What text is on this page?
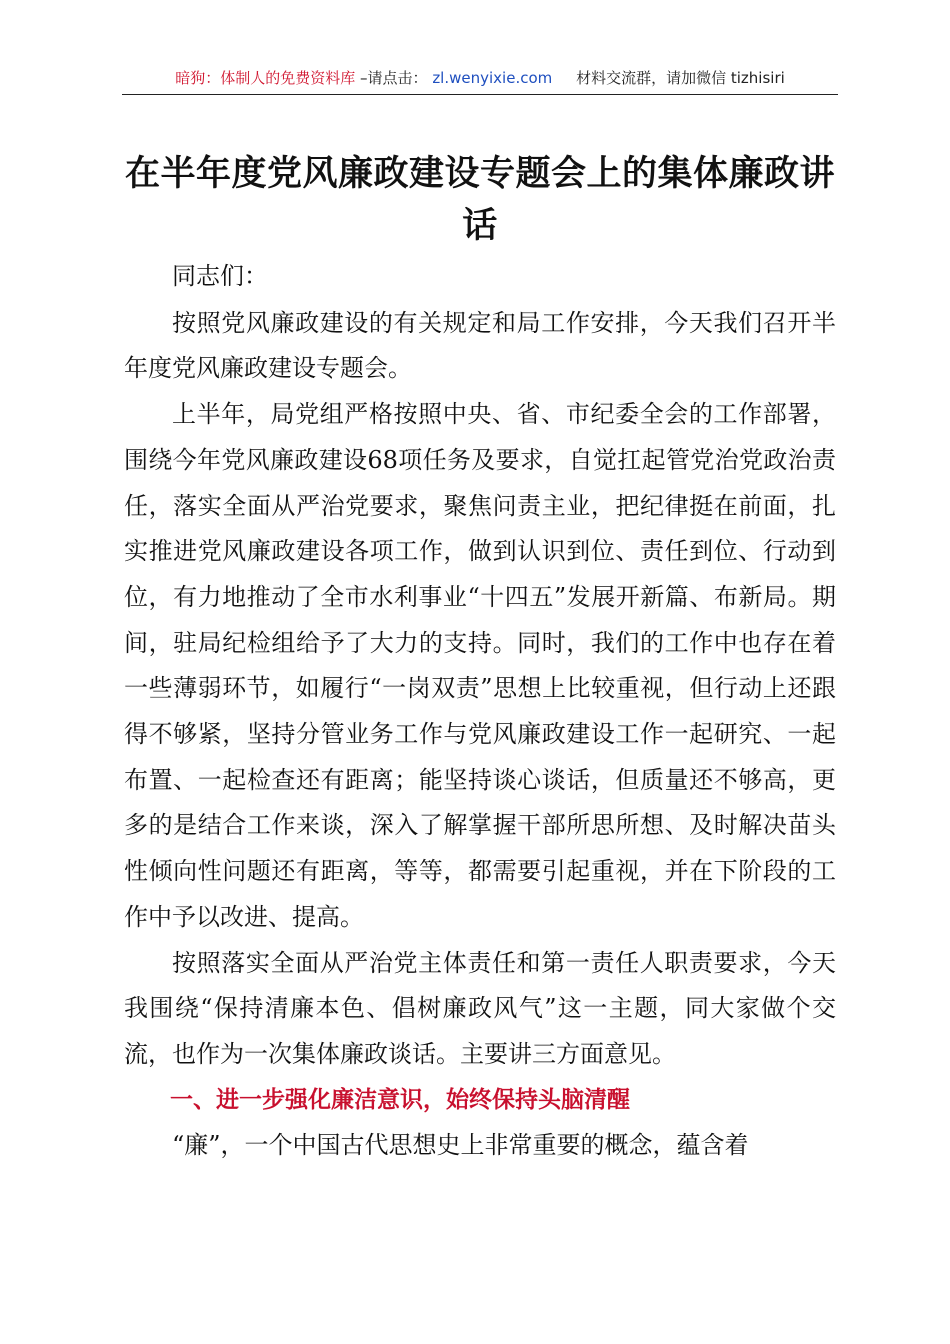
暗狗：体制人的免费资料库 –请点击： zl.wenyixie.com 材料交流群，请加微信 tizhisiri
在半年度党风廉政建设专题会上的集体廉政讲话

同志们：

按照党风廉政建设的有关规定和局工作安排，今天我们召开半年度党风廉政建设专题会。

上半年，局党组严格按照中央、省、市纪委全会的工作部署，围绕今年党风廉政建设68项任务及要求，自觉扛起管党治党政治责任，落实全面从严治党要求，聚焦问责主业，把纪律挺在前面，扎实推进党风廉政建设各项工作，做到认识到位、责任到位、行动到位，有力地推动了全市水利事业“十四五”发展开新篇、布新局。期间，驻局纪检组给予了大力的支持。同时，我们的工作中也存在着一些薄弱环节，如履行“一岗双责”思想上比较重视，但行动上还跟得不够紧，坚持分管业务工作与党风廉政建设工作一起研究、一起布置、一起检查还有距离；能坚持谈心谈话，但质量还不够高，更多的是结合工作来谈，深入了解掌握干部所思所想、及时解决苗头性倾向性问题还有距离，等等，都需要引起重视，并在下阶段的工作中予以改进、提高。

按照落实全面从严治党主体责任和第一责任人职责要求，今天我围绕“保持清廉本色、倡树廉政风气”这一主题，同大家做个交流，也作为一次集体廉政谈话。主要讲三方面意见。

一、进一步强化廉洁意识，始终保持头脑清醒

“廉”，一个中国古代思想史上非常重要的概念，蕴含着
